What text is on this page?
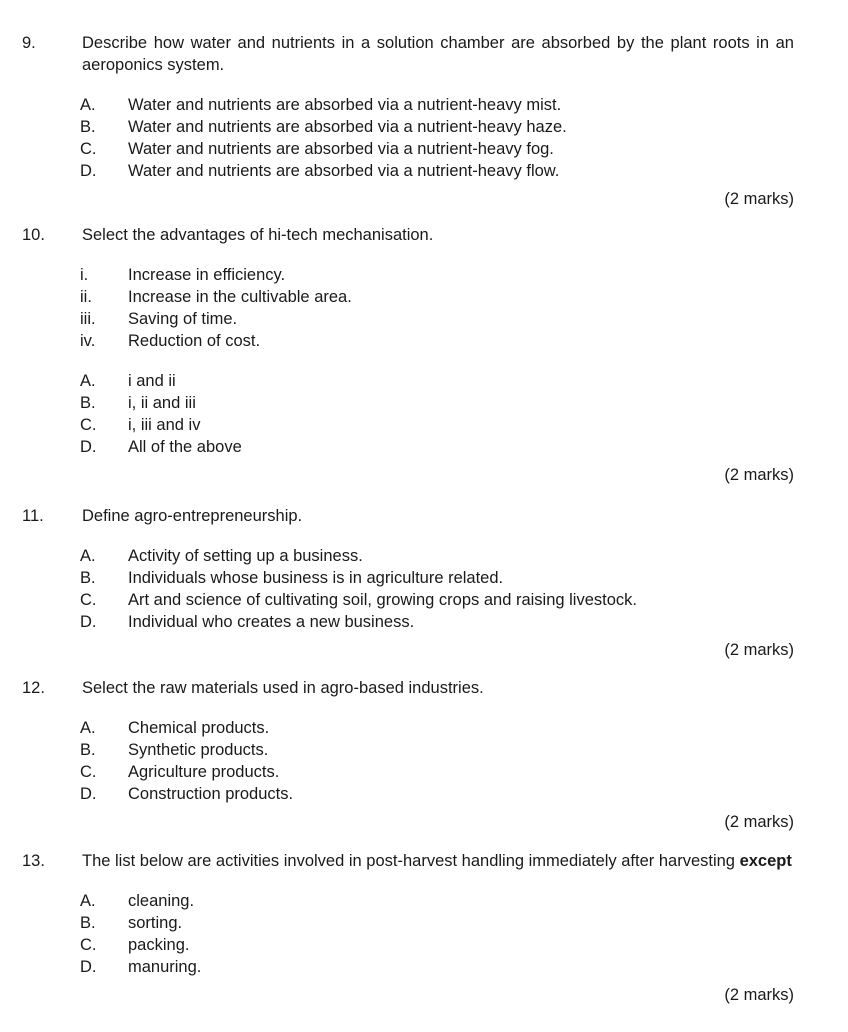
9.	Describe how water and nutrients in a solution chamber are absorbed by the plant roots in an aeroponics system.
A. Water and nutrients are absorbed via a nutrient-heavy mist.
B. Water and nutrients are absorbed via a nutrient-heavy haze.
C. Water and nutrients are absorbed via a nutrient-heavy fog.
D. Water and nutrients are absorbed via a nutrient-heavy flow.
(2 marks)
10. Select the advantages of hi-tech mechanisation.
i. Increase in efficiency.
ii. Increase in the cultivable area.
iii. Saving of time.
iv. Reduction of cost.
A. i and ii
B. i, ii and iii
C. i, iii and iv
D. All of the above
(2 marks)
11. Define agro-entrepreneurship.
A. Activity of setting up a business.
B. Individuals whose business is in agriculture related.
C. Art and science of cultivating soil, growing crops and raising livestock.
D. Individual who creates a new business.
(2 marks)
12. Select the raw materials used in agro-based industries.
A. Chemical products.
B. Synthetic products.
C. Agriculture products.
D. Construction products.
(2 marks)
13. The list below are activities involved in post-harvest handling immediately after harvesting except
A. cleaning.
B. sorting.
C. packing.
D. manuring.
(2 marks)
